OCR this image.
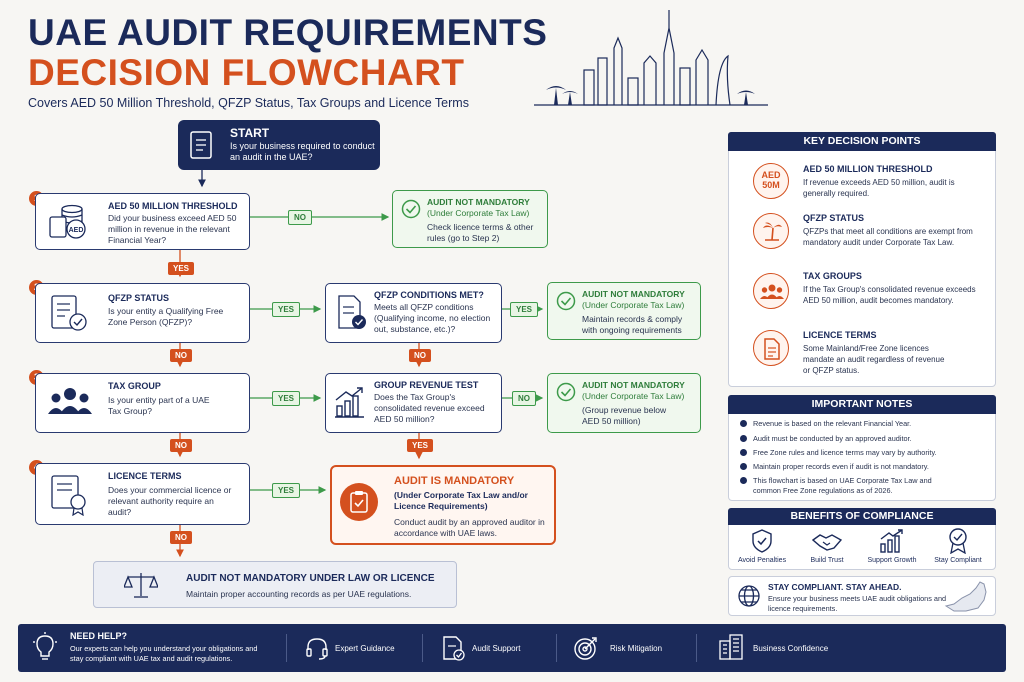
UAE AUDIT REQUIREMENTS
DECISION FLOWCHART
Covers AED 50 Million Threshold, QFZP Status, Tax Groups and Licence Terms
START
Is your business required to conduct an audit in the UAE?
AED
AED 50 MILLION THRESHOLD
Did your business exceed AED 50 million in revenue in the relevant Financial Year?
NO
AUDIT NOT MANDATORY
(Under Corporate Tax Law)
Check licence terms & other rules (go to Step 2)
YES
QFZP STATUS
Is your entity a Qualifying Free Zone Person (QFZP)?
YES
QFZP CONDITIONS MET?
Meets all QFZP conditions (Qualifying income, no election out, substance, etc.)?
YES
AUDIT NOT MANDATORY
(Under Corporate Tax Law)
Maintain records & comply with ongoing requirements
NO	NO
TAX GROUP
Is your entity part of a UAE Tax Group?
YES
GROUP REVENUE TEST
Does the Tax Group's consolidated revenue exceed AED 50 million?
NO
AUDIT NOT MANDATORY
(Under Corporate Tax Law)
(Group revenue below AED 50 million)
NO	YES
LICENCE TERMS
Does your commercial licence or relevant authority require an audit?
YES
AUDIT IS MANDATORY
(Under Corporate Tax Law and/or Licence Requirements)
Conduct audit by an approved auditor in accordance with UAE laws.
NO
AUDIT NOT MANDATORY UNDER LAW OR LICENCE
Maintain proper accounting records as per UAE regulations.
KEY DECISION POINTS
AED
50M
AED 50 MILLION THRESHOLD
If revenue exceeds AED 50 million, audit is generally required.
QFZP STATUS
QFZPs that meet all conditions are exempt from mandatory audit under Corporate Tax Law.
TAX GROUPS
If the Tax Group's consolidated revenue exceeds AED 50 million, audit becomes mandatory.
LICENCE TERMS
Some Mainland/Free Zone licences mandate an audit regardless of revenue or QFZP status.
IMPORTANT NOTES
Revenue is based on the relevant Financial Year.
Audit must be conducted by an approved auditor.
Free Zone rules and licence terms may vary by authority.
Maintain proper records even if audit is not mandatory.
This flowchart is based on UAE Corporate Tax Law and common Free Zone regulations as of 2026.
BENEFITS OF COMPLIANCE
Avoid Penalties	Build Trust	Support Growth	Stay Compliant
STAY COMPLIANT. STAY AHEAD.
Ensure your business meets UAE audit obligations and licence requirements.
NEED HELP?
Our experts can help you understand your obligations and stay compliant with UAE tax and audit regulations.
Expert Guidance	Audit Support	Risk Mitigation	Business Confidence
